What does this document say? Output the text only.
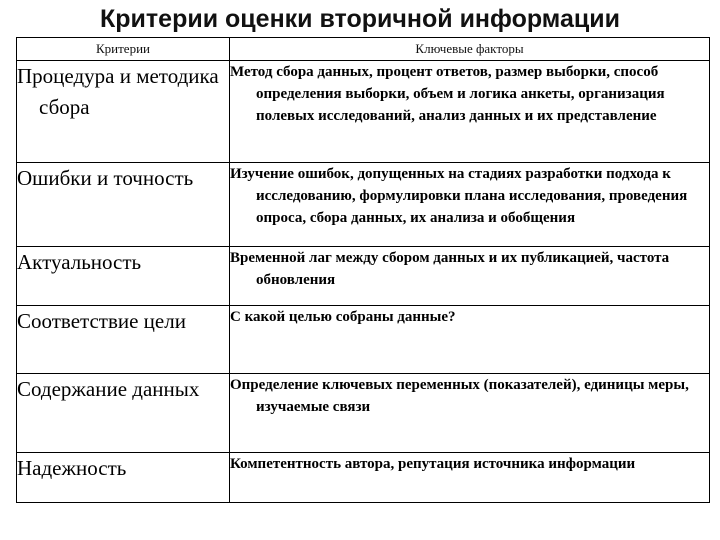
Критерии оценки вторичной информации
Критерии	Ключевые факторы

Процедура и методика сбора	Метод сбора данных, процент ответов, размер выборки, способ определения выборки, объем и логика анкеты, организация полевых исследований, анализ данных и их представление

Ошибки и точность	Изучение ошибок, допущенных на стадиях разработки подхода к исследованию, формулировки плана исследования, проведения опроса, сбора данных, их анализа и обобщения

Актуальность	Временной лаг между сбором данных и их публикацией, частота обновления

Соответствие цели	С какой целью собраны данные?

Содержание данных	Определение ключевых переменных (показателей), единицы меры, изучаемые связи

Надежность	Компетентность автора, репутация источника информации
